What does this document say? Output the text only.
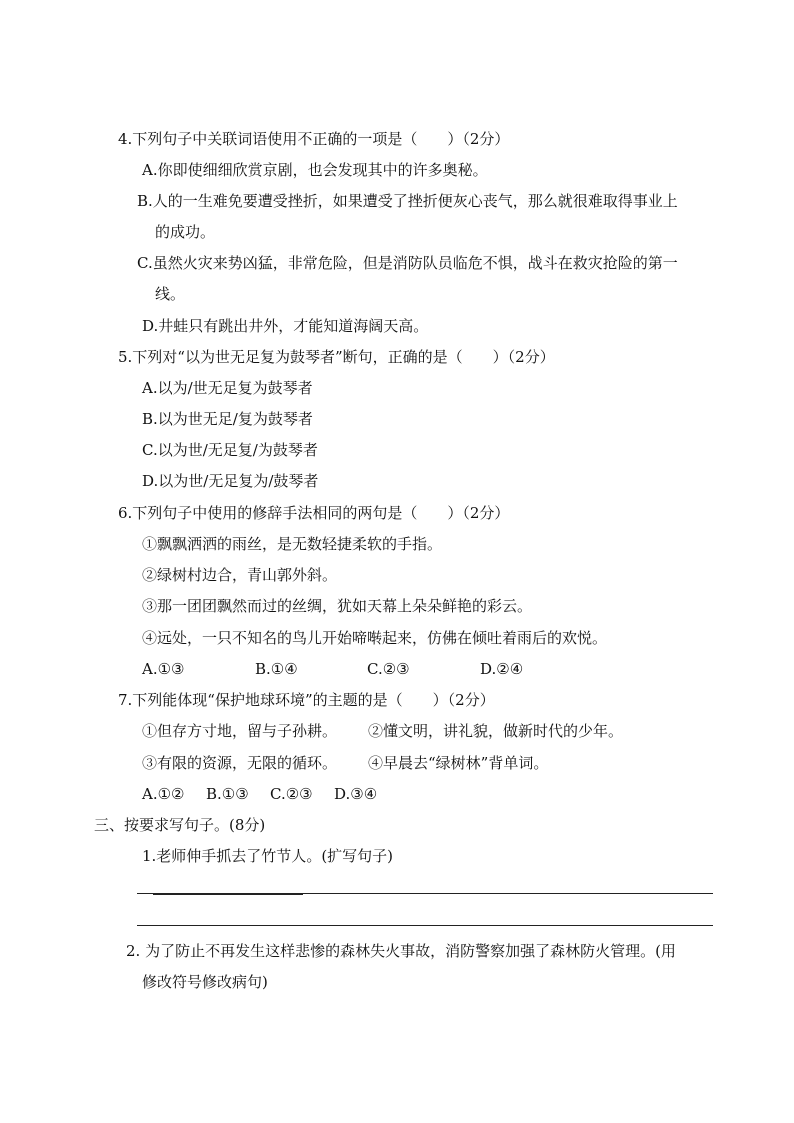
4.下列句子中关联词语使用不正确的一项是（　　）（2分）
A.你即使细细欣赏京剧，也会发现其中的许多奥秘。
B.人的一生难免要遭受挫折，如果遭受了挫折便灰心丧气，那么就很难取得事业上
的成功。
C.虽然火灾来势凶猛，非常危险，但是消防队员临危不惧，战斗在救灾抢险的第一
线。
D.井蛙只有跳出井外，才能知道海阔天高。
5.下列对“以为世无足复为鼓琴者”断句，正确的是（　　）（2分）
A.以为/世无足复为鼓琴者
B.以为世无足/复为鼓琴者
C.以为世/无足复/为鼓琴者
D.以为世/无足复为/鼓琴者
6.下列句子中使用的修辞手法相同的两句是（　　）（2分）
①飘飘洒洒的雨丝，是无数轻捷柔软的手指。
②绿树村边合，青山郭外斜。
③那一团团飘然而过的丝绸，犹如天幕上朵朵鲜艳的彩云。
④远处，一只不知名的鸟儿开始啼啭起来，仿佛在倾吐着雨后的欢悦。
A.①③	B.①④	C.②③	D.②④
7.下列能体现“保护地球环境”的主题的是（　　）（2分）
①但存方寸地，留与子孙耕。 ②懂文明，讲礼貌，做新时代的少年。
③有限的资源，无限的循环。 ④早晨去“绿树林”背单词。
A.①② B.①③ C.②③ D.③④
三、按要求写句子。(8分)
1.老师伸手抓去了竹节人。(扩写句子)
2. 为了防止不再发生这样悲惨的森林失火事故，消防警察加强了森林防火管理。(用
修改符号修改病句)
